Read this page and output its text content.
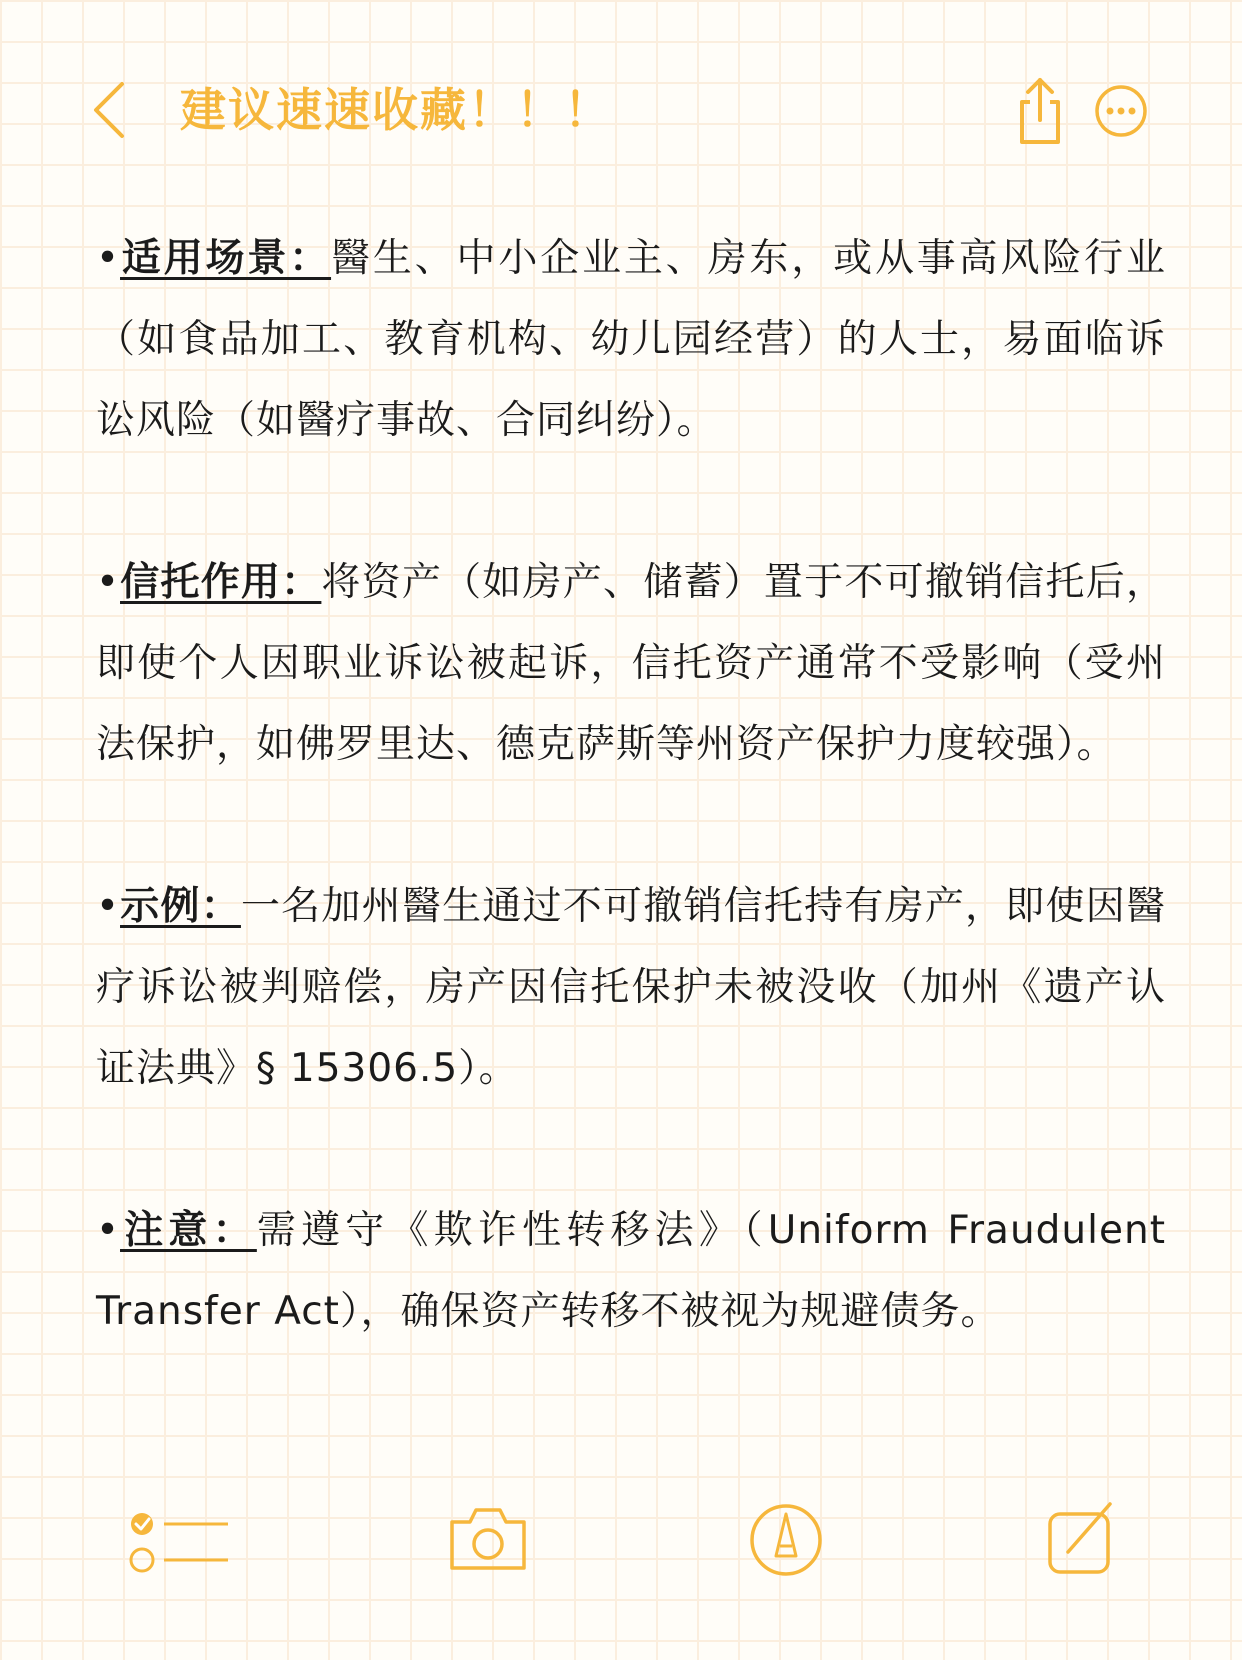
建议速速收藏！！！

•适用场景：醫生、中小企业主、房东，或从事高风险行业（如食品加工、教育机构、幼儿园经营）的人士，易面临诉讼风险（如醫疗事故、合同纠纷）。

•信托作用：将资产（如房产、储蓄）置于不可撤销信托后，即使个人因职业诉讼被起诉，信托资产通常不受影响（受州法保护，如佛罗里达、德克萨斯等州资产保护力度较强）。

•示例：一名加州醫生通过不可撤销信托持有房产，即使因醫疗诉讼被判赔偿，房产因信托保护未被没收（加州《遗产认证法典》§ 15306.5）。

•注意：需遵守《欺诈性转移法》（Uniform Fraudulent Transfer Act），确保资产转移不被视为规避债务。
